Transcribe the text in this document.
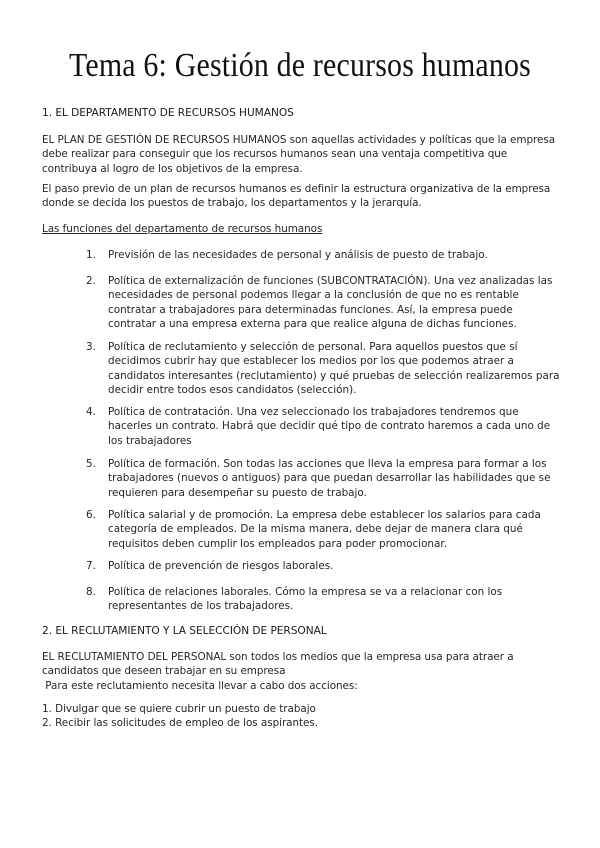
Tema 6: Gestión de recursos humanos

1. EL DEPARTAMENTO DE RECURSOS HUMANOS

EL PLAN DE GESTIÓN DE RECURSOS HUMANOS son aquellas actividades y políticas que la empresa debe realizar para conseguir que los recursos humanos sean una ventaja competitiva que contribuya al logro de los objetivos de la empresa.

El paso previo de un plan de recursos humanos es definir la estructura organizativa de la empresa donde se decida los puestos de trabajo, los departamentos y la jerarquía.

Las funciones del departamento de recursos humanos

1.	Previsión de las necesidades de personal y análisis de puesto de trabajo.
2.	Política de externalización de funciones (SUBCONTRATACIÓN). Una vez analizadas las necesidades de personal podemos llegar a la conclusión de que no es rentable contratar a trabajadores para determinadas funciones. Así, la empresa puede contratar a una empresa externa para que realice alguna de dichas funciones.
3.	Política de reclutamiento y selección de personal. Para aquellos puestos que sí decidimos cubrir hay que establecer los medios por los que podemos atraer a candidatos interesantes (reclutamiento) y qué pruebas de selección realizaremos para decidir entre todos esos candidatos (selección).
4.	Política de contratación. Una vez seleccionado los trabajadores tendremos que hacerles un contrato. Habrá que decidir qué tipo de contrato haremos a cada uno de los trabajadores
5.	Política de formación. Son todas las acciones que lleva la empresa para formar a los trabajadores (nuevos o antiguos) para que puedan desarrollar las habilidades que se requieren para desempeñar su puesto de trabajo.
6.	Política salarial y de promoción. La empresa debe establecer los salarios para cada categoría de empleados. De la misma manera, debe dejar de manera clara qué requisitos deben cumplir los empleados para poder promocionar.
7.	Política de prevención de riesgos laborales.
8.	Política de relaciones laborales. Cómo la empresa se va a relacionar con los representantes de los trabajadores.

2. EL RECLUTAMIENTO Y LA SELECCIÓN DE PERSONAL

EL RECLUTAMIENTO DEL PERSONAL son todos los medios que la empresa usa para atraer a candidatos que deseen trabajar en su empresa
Para este reclutamiento necesita llevar a cabo dos acciones:

1. Divulgar que se quiere cubrir un puesto de trabajo
2. Recibir las solicitudes de empleo de los aspirantes.
